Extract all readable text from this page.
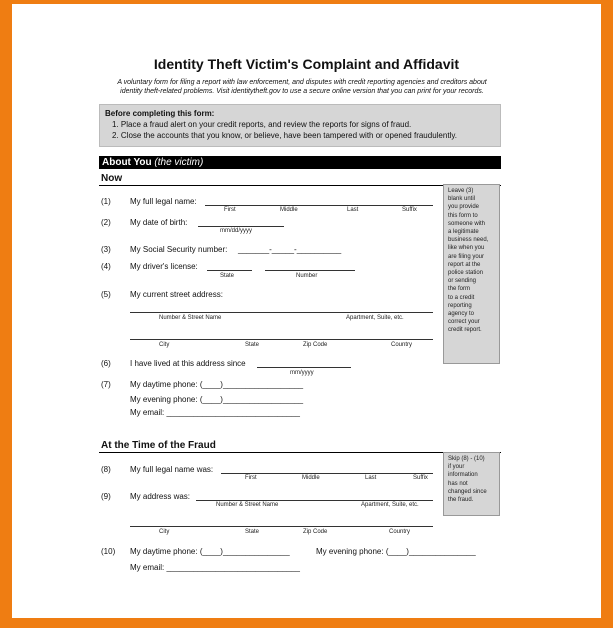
Identity Theft Victim's Complaint and Affidavit
A voluntary form for filing a report with law enforcement, and disputes with credit reporting agencies and creditors about
identity theft-related problems. Visit identitytheft.gov to use a secure online version that you can print for your records.
Before completing this form:
1. Place a fraud alert on your credit reports, and review the reports for signs of fraud.
2. Close the accounts that you know, or believe, have been tampered with or opened fraudulently.
About You (the victim)
Now
Leave (3)
blank until
you provide
this form to
someone with
a legitimate
business need,
like when you
are filing your
report at the
police station
or sending
the form
to a credit
reporting
agency to
correct your
credit report.
(1) My full legal name:
First	Middle	Last	Suffix
(2) My date of birth:
mm/dd/yyyy
(3) My Social Security number: _______-_____-__________
(4) My driver's license:
State	Number
(5) My current street address:
Number & Street Name	Apartment, Suite, etc.
City	State	Zip Code	Country
(6) I have lived at this address since
mm/yyyy
(7) My daytime phone: (____)__________________
My evening phone: (____)__________________
My email: ______________________________
At the Time of the Fraud
Skip (8) - (10)
if your
information
has not
changed since
the fraud.
(8) My full legal name was:
First	Middle	Last	Suffix
(9) My address was:
Number & Street Name	Apartment, Suite, etc.
City	State	Zip Code	Country
(10) My daytime phone: (____)_______________	My evening phone: (____)_______________
My email: ______________________________
